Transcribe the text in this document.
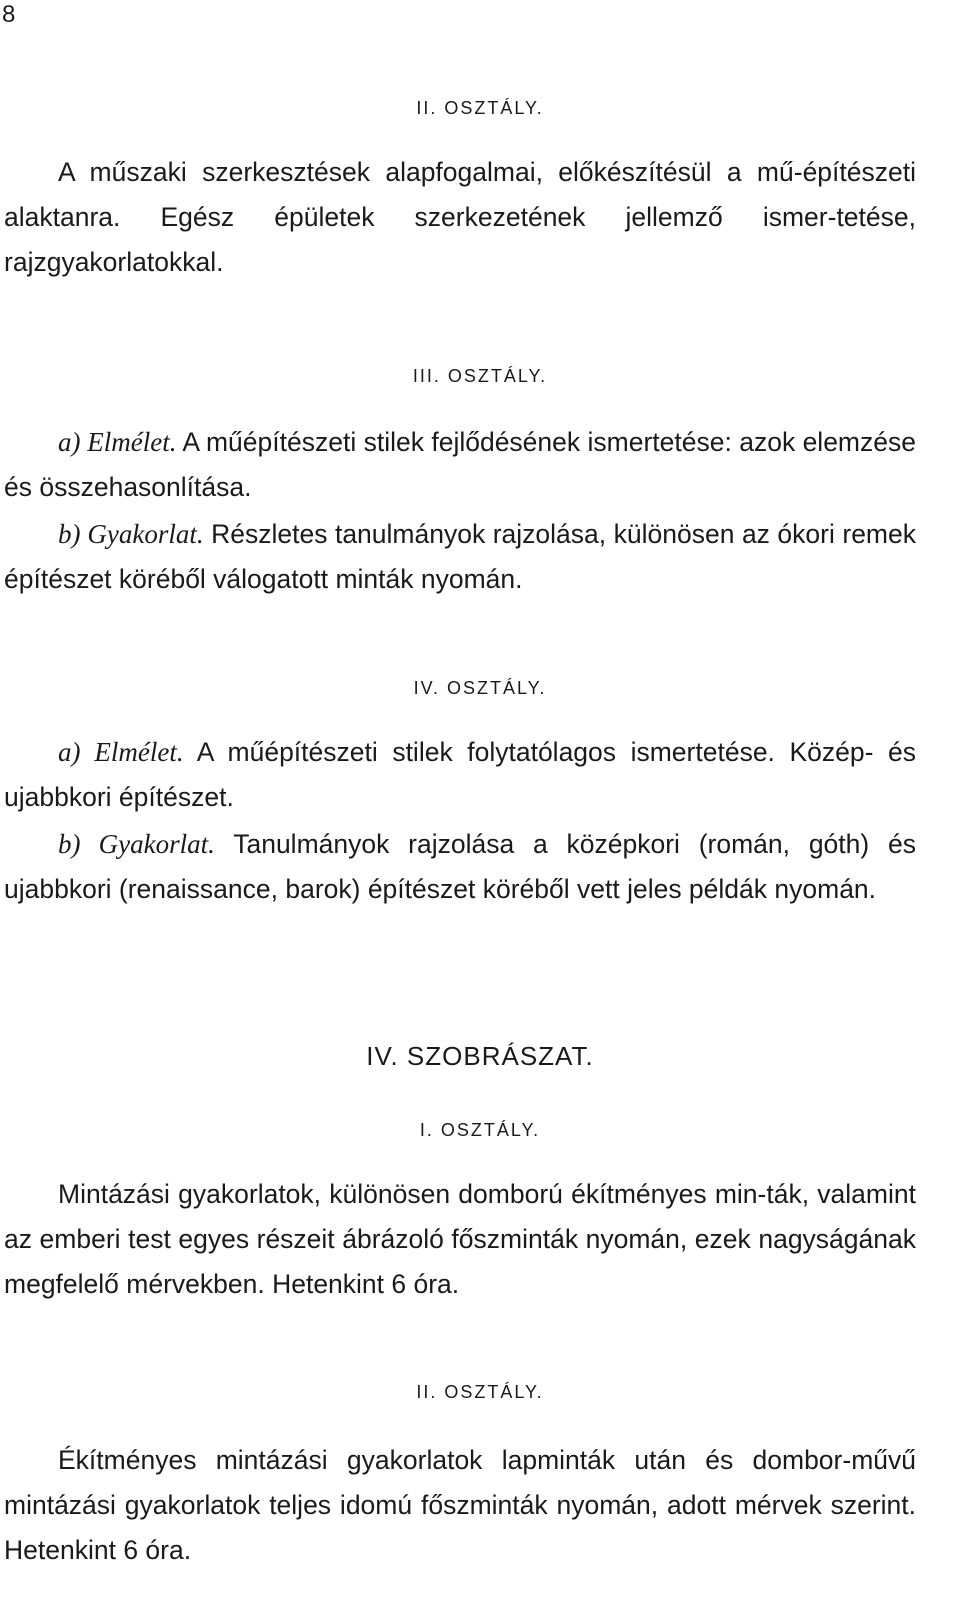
8
II. OSZTÁLY.

A műszaki szerkesztések alapfogalmai, előkészítésül a mű-építészeti alaktanra. Egész épületek szerkezetének jellemző ismer-tetése, rajzgyakorlatokkal.

III. OSZTÁLY.

a) Elmélet. A műépítészeti stilek fejlődésének ismertetése: azok elemzése és összehasonlítása.

b) Gyakorlat. Részletes tanulmányok rajzolása, különösen az ókori remek építészet köréből válogatott minták nyomán.

IV. OSZTÁLY.

a) Elmélet. A műépítészeti stilek folytatólagos ismertetése. Közép- és ujabbkori építészet.

b) Gyakorlat. Tanulmányok rajzolása a középkori (román, góth) és ujabbkori (renaissance, barok) építészet köréből vett jeles példák nyomán.

IV. SZOBRÁSZAT.
I. OSZTÁLY.

Mintázási gyakorlatok, különösen domború ékítményes min-ták, valamint az emberi test egyes részeit ábrázoló főszminták nyomán, ezek nagyságának megfelelő mérvekben. Hetenkint 6 óra.

II. OSZTÁLY.

Ékítményes mintázási gyakorlatok lapminták után és dombor-művű mintázási gyakorlatok teljes idomú főszminták nyomán, adott mérvek szerint. Hetenkint 6 óra.
